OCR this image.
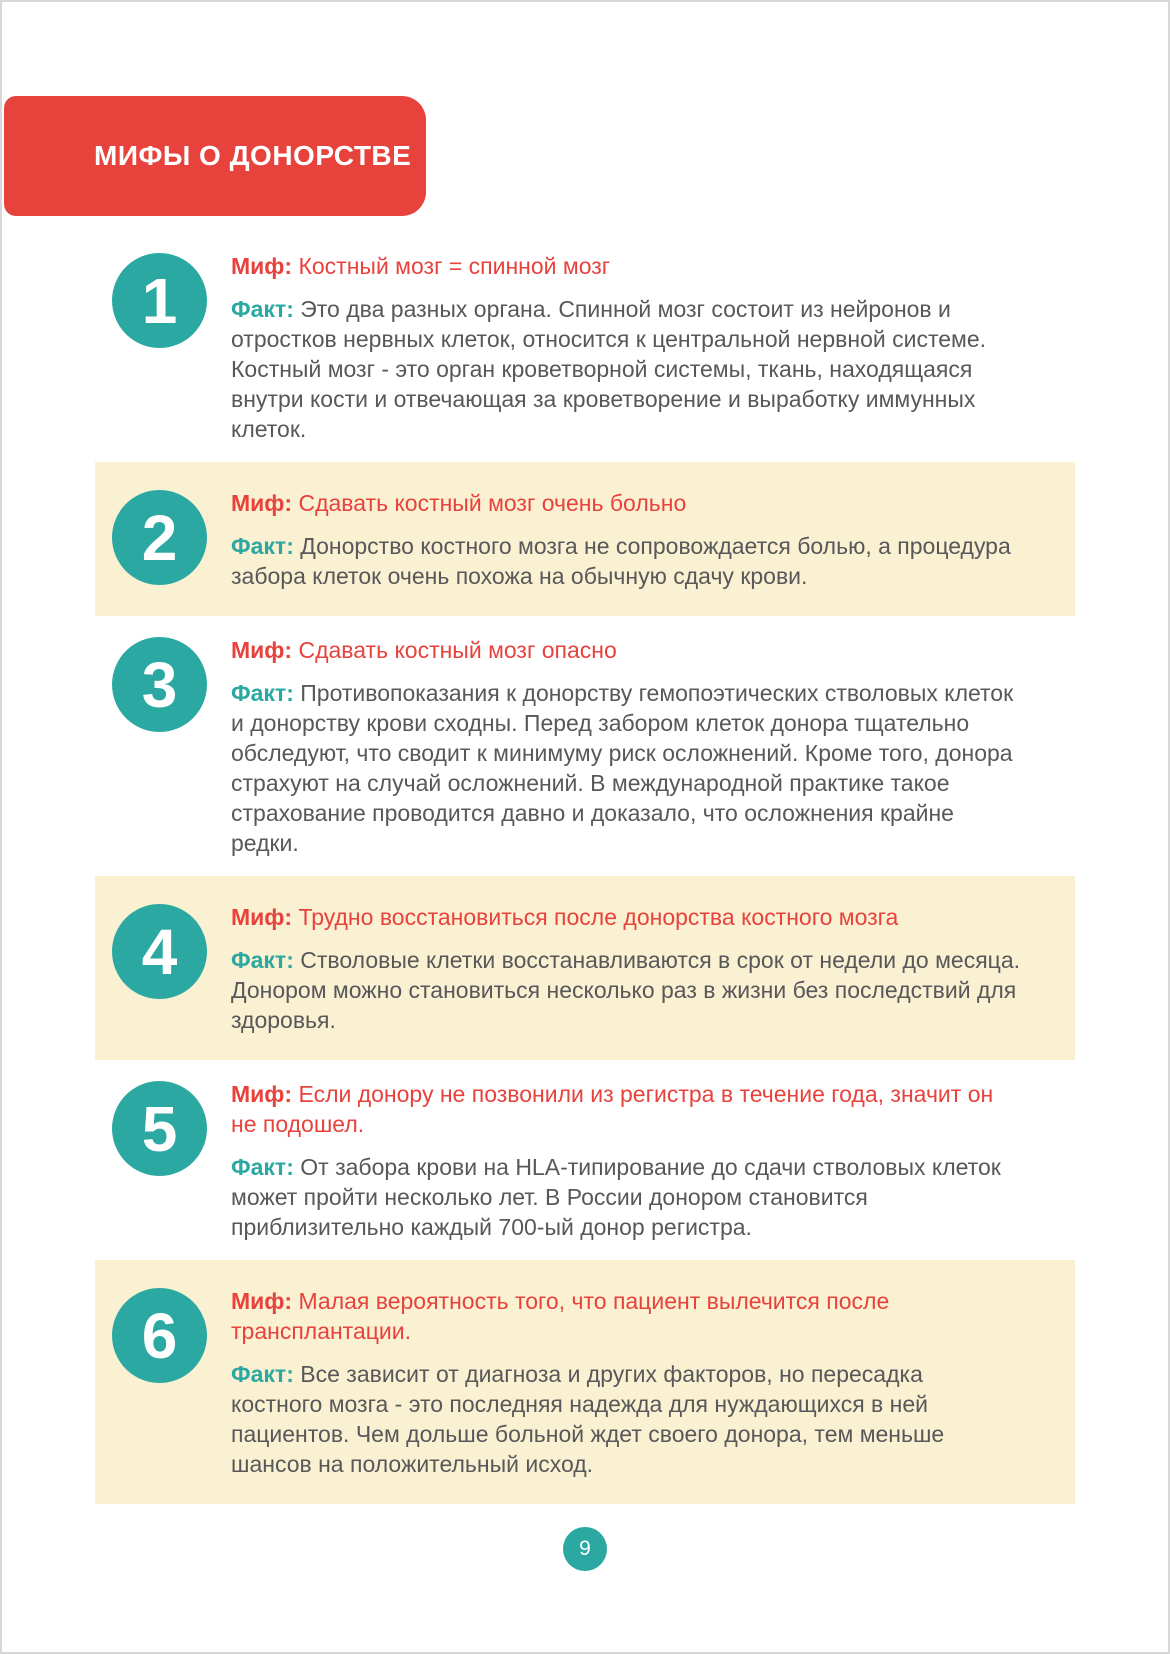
МИФЫ О ДОНОРСТВЕ
1 Миф: Костный мозг = спинной мозг

Факт: Это два разных органа. Спинной мозг состоит из нейронов и отростков нервных клеток, относится к центральной нервной системе. Костный мозг - это орган кроветворной системы, ткань, находящаяся внутри кости и отвечающая за кроветворение и выработку иммунных клеток.

2 Миф: Сдавать костный мозг очень больно

Факт: Донорство костного мозга не сопровождается болью, а процедура забора клеток очень похожа на обычную сдачу крови.

3 Миф: Сдавать костный мозг опасно

Факт: Противопоказания к донорству гемопоэтических стволовых клеток и донорству крови сходны. Перед забором клеток донора тщательно обследуют, что сводит к минимуму риск осложнений. Кроме того, донора страхуют на случай осложнений. В международной практике такое страхование проводится давно и доказало, что осложнения крайне редки.

4 Миф: Трудно восстановиться после донорства костного мозга

Факт: Стволовые клетки восстанавливаются в срок от недели до месяца. Донором можно становиться несколько раз в жизни без последствий для здоровья.

5 Миф: Если донору не позвонили из регистра в течение года, значит он не подошел.

Факт: От забора крови на HLA-типирование до сдачи стволовых клеток может пройти несколько лет. В России донором становится приблизительно каждый 700-ый донор регистра.

6 Миф: Малая вероятность того, что пациент вылечится после трансплантации.

Факт: Все зависит от диагноза и других факторов, но пересадка костного мозга - это последняя надежда для нуждающихся в ней пациентов. Чем дольше больной ждет своего донора, тем меньше шансов на положительный исход.

9
